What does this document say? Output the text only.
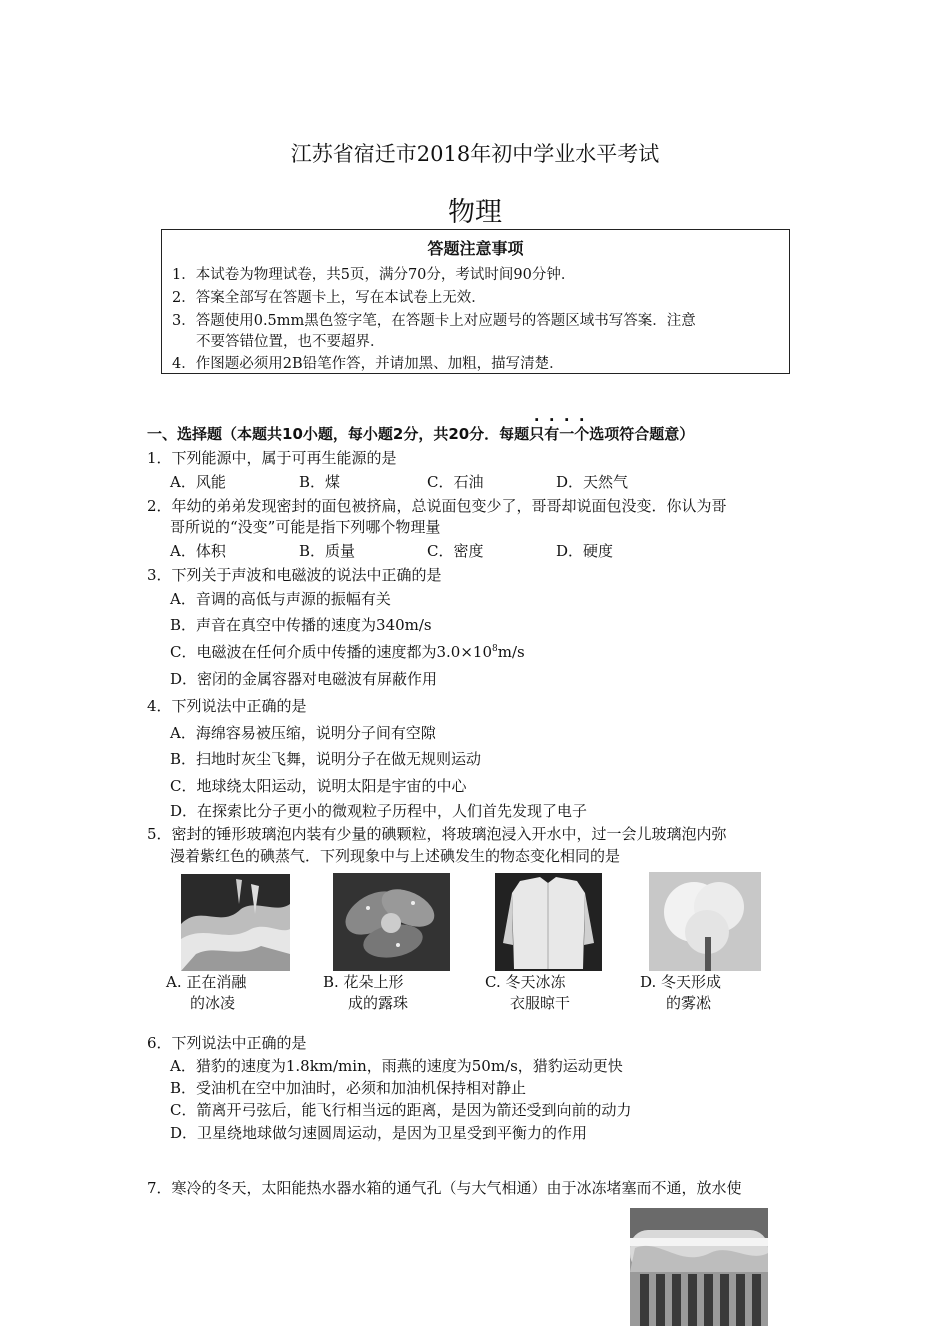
江苏省宿迁市2018年初中学业水平考试
物理
答题注意事项
1．本试卷为物理试卷，共5页，满分70分，考试时间90分钟．
2．答案全部写在答题卡上，写在本试卷上无效．
3．答题使用0.5mm黑色签字笔，在答题卡上对应题号的答题区域书写答案．注意
不要答错位置，也不要超界．
4．作图题必须用2B铅笔作答，并请加黑、加粗，描写清楚．
一、选择题（本题共10小题，每小题2分，共20分．每题只有一个选项符合题意）
1．下列能源中，属于可再生能源的是
A．风能	B．煤	C．石油	D．天然气
2．年幼的弟弟发现密封的面包被挤扁，总说面包变少了，哥哥却说面包没变．你认为哥
哥所说的“没变”可能是指下列哪个物理量
A．体积	B．质量	C．密度	D．硬度
3．下列关于声波和电磁波的说法中正确的是
A．音调的高低与声源的振幅有关
B．声音在真空中传播的速度为340m/s
C．电磁波在任何介质中传播的速度都为$3.0\times 10^8m/s$
D．密闭的金属容器对电磁波有屏蔽作用
4．下列说法中正确的是
A．海绵容易被压缩，说明分子间有空隙
B．扫地时灰尘飞舞，说明分子在做无规则运动
C．地球绕太阳运动，说明太阳是宇宙的中心
D．在探索比分子更小的微观粒子历程中，人们首先发现了电子
5．密封的锤形玻璃泡内装有少量的碘颗粒，将玻璃泡浸入开水中，过一会儿玻璃泡内弥
漫着紫红色的碘蒸气．下列现象中与上述碘发生的物态变化相同的是
A. 正在消融
的冰凌
B. 花朵上形
成的露珠
C. 冬天冰冻
衣服晾干
D. 冬天形成
的雾凇
6．下列说法中正确的是
A．猎豹的速度为1.8km/min，雨燕的速度为50m/s，猎豹运动更快
B．受油机在空中加油时，必须和加油机保持相对静止
C．箭离开弓弦后，能飞行相当远的距离，是因为箭还受到向前的动力
D．卫星绕地球做匀速圆周运动，是因为卫星受到平衡力的作用
7．寒冷的冬天，太阳能热水器水箱的通气孔（与大气相通）由于冰冻堵塞而不通，放水使
